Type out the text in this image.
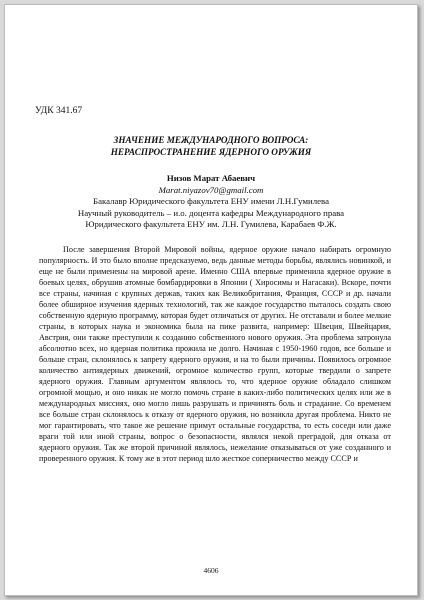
УДК 341.67
ЗНАЧЕНИЕ МЕЖДУНАРОДНОГО ВОПРОСА:
НЕРАСПРОСТРАНЕНИЕ ЯДЕРНОГО ОРУЖИЯ
Низов Марат Абаевич
Marat.niyazov70@gmail.com
Бакалавр Юридического факультета ЕНУ имени Л.Н.Гумилева
Научный руководитель – и.о. доцента кафедры Международного права
Юридического факультета ЕНУ им. Л.Н. Гумилева, Карабаев Ф.Ж.

После завершения Второй Мировой войны, ядерное оружие начало набирать огромную популярность. И это было вполне предсказуемо, ведь данные методы борьбы, являлись новинкой, и еще не были применены на мировой арене. Именно США впервые применила ядерное оружие в боевых целях, обрушив атомные бомбардировки в Японии ( Хиросимы и Нагасаки). Вскоре, почти все страны, начиная с крупных держав, таких как Великобритания, Франция, СССР и др. начали более обширное изучения ядерных технологий, так же каждое государство пыталось создать свою собственную ядерную программу, которая будет отличаться от других. Не отставали и более мелкие страны, в которых наука и экономика была на пике развита, например: Швеция, Швейцария, Австрия, они также преступили к созданию собственного нового оружия. Эта проблема затронула абсолютно всех, но ядерная политика прожила не долго. Начиная с 1950-1960 годов, все больше и больше стран, склонялось к запрету ядерного оружия, и на то были причины. Появилось огромное количество антиядерных движений, огромное количество групп, которые твердили о запрете ядерного оружия. Главным аргументом являлось то, что ядерное оружие обладало слишком огромной мощью, и оно никак не могло помочь стране в каких-либо политических целях или же в международных миссиях, оно могло лишь разрушать и причинять боль и страдание. Со временем все больше стран склонялось к отказу от ядерного оружия, но возникла другая проблема. Никто не мог гарантировать, что такое же решение примут остальные государства, то есть соседи или даже враги той или иной страны, вопрос о безопасности, являлся некой преградой, для отказа от ядерного оружия. Так же второй причиной являлось, нежелание отказываться от уже созданного и проверенного оружия. К тому же в этот период шло жесткое соперничество между СССР и

4606
